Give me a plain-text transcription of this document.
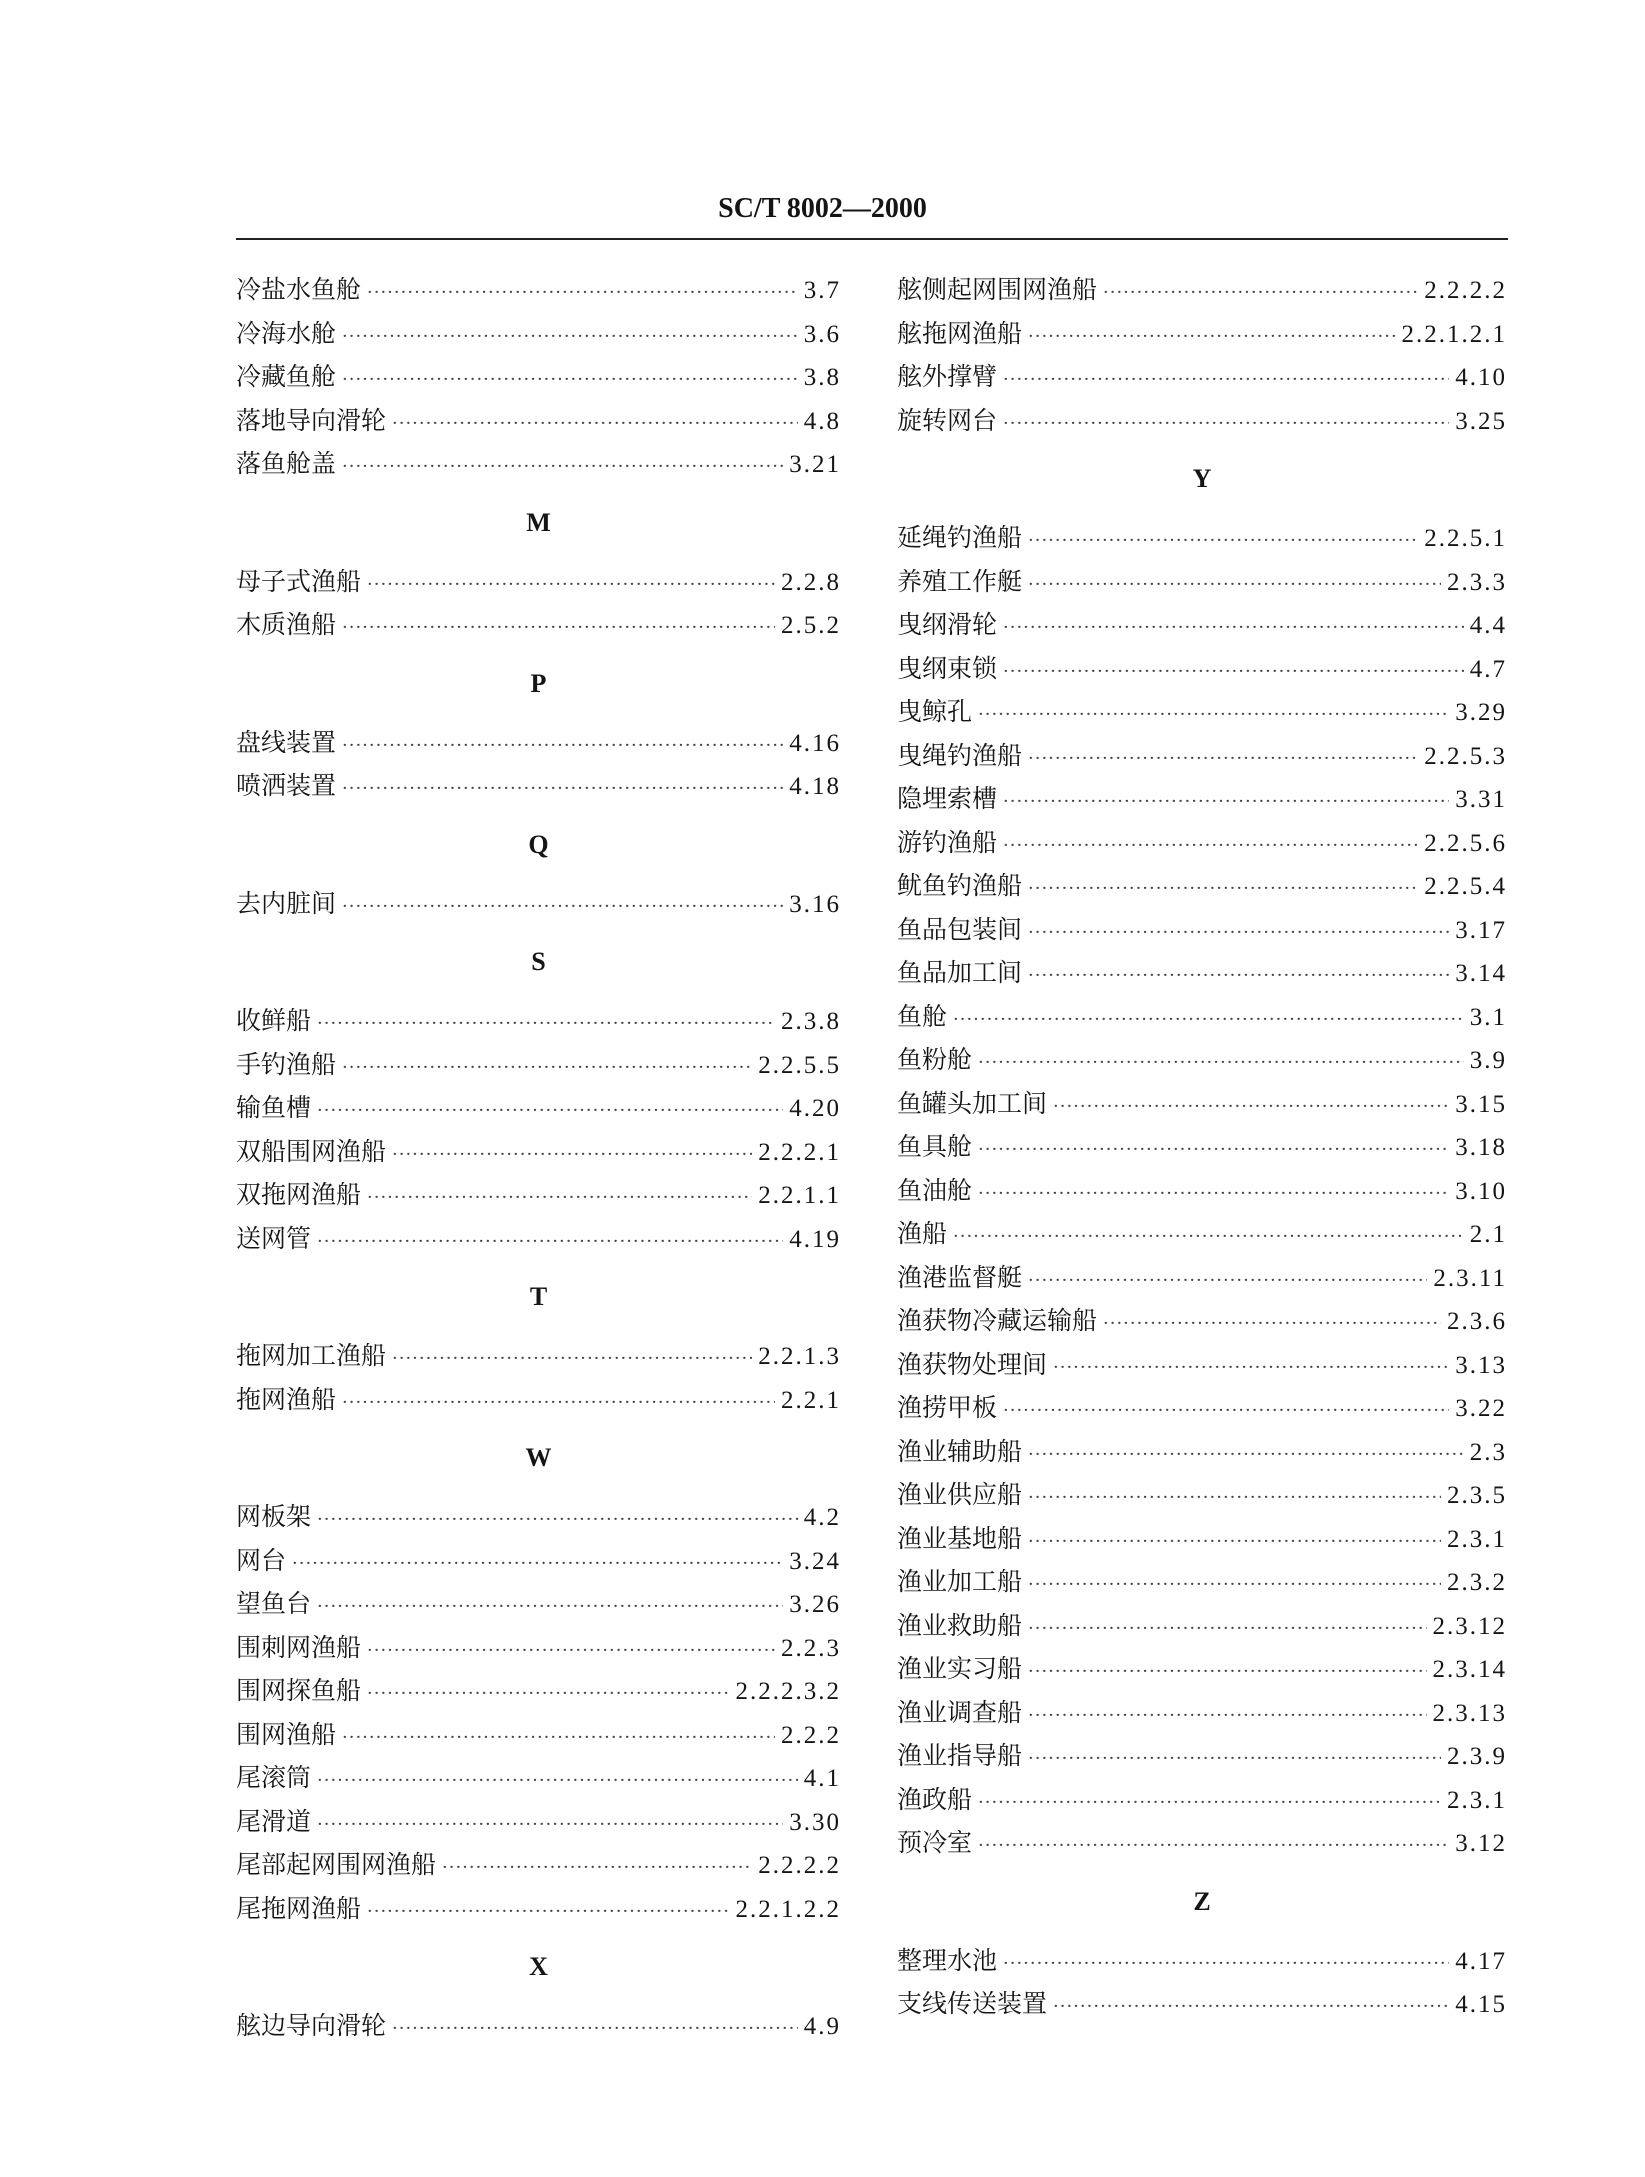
SC/T 8002—2000
冷盐水鱼舱 ·····	3.7
冷海水舱 ·····	3.6
冷藏鱼舱 ·····	3.8
落地导向滑轮 ·····	4.8
落鱼舱盖 ·····	3.21
M
母子式渔船 ·····	2.2.8
木质渔船 ·····	2.5.2
P
盘线装置 ·····	4.16
喷洒装置 ·····	4.18
Q
去内脏间 ·····	3.16
S
收鲜船 ·····	2.3.8
手钓渔船 ·····	2.2.5.5
输鱼槽 ·····	4.20
双船围网渔船 ·····	2.2.2.1
双拖网渔船 ·····	2.2.1.1
送网管 ·····	4.19
T
拖网加工渔船 ·····	2.2.1.3
拖网渔船 ·····	2.2.1
W
网板架 ·····	4.2
网台 ·····	3.24
望鱼台 ·····	3.26
围刺网渔船 ·····	2.2.3
围网探鱼船 ·····	2.2.2.3.2
围网渔船 ·····	2.2.2
尾滚筒 ·····	4.1
尾滑道 ·····	3.30
尾部起网围网渔船 ·····	2.2.2.2
尾拖网渔船 ·····	2.2.1.2.2
X
舷边导向滑轮 ·····	4.9
舷侧起网围网渔船 ·····	2.2.2.2
舷拖网渔船 ·····	2.2.1.2.1
舷外撑臂 ·····	4.10
旋转网台 ·····	3.25
Y
延绳钓渔船 ·····	2.2.5.1
养殖工作艇 ·····	2.3.3
曳纲滑轮 ·····	4.4
曳纲束锁 ·····	4.7
曳鲸孔 ·····	3.29
曳绳钓渔船 ·····	2.2.5.3
隐埋索槽 ·····	3.31
游钓渔船 ·····	2.2.5.6
鱿鱼钓渔船 ·····	2.2.5.4
鱼品包装间 ·····	3.17
鱼品加工间 ·····	3.14
鱼舱 ·····	3.1
鱼粉舱 ·····	3.9
鱼罐头加工间 ·····	3.15
鱼具舱 ·····	3.18
鱼油舱 ·····	3.10
渔船 ·····	2.1
渔港监督艇 ·····	2.3.11
渔获物冷藏运输船 ·····	2.3.6
渔获物处理间 ·····	3.13
渔捞甲板 ·····	3.22
渔业辅助船 ·····	2.3
渔业供应船 ·····	2.3.5
渔业基地船 ·····	2.3.1
渔业加工船 ·····	2.3.2
渔业救助船 ·····	2.3.12
渔业实习船 ·····	2.3.14
渔业调查船 ·····	2.3.13
渔业指导船 ·····	2.3.9
渔政船 ·····	2.3.1
预冷室 ·····	3.12
Z
整理水池 ·····	4.17
支线传送装置 ·····	4.15
